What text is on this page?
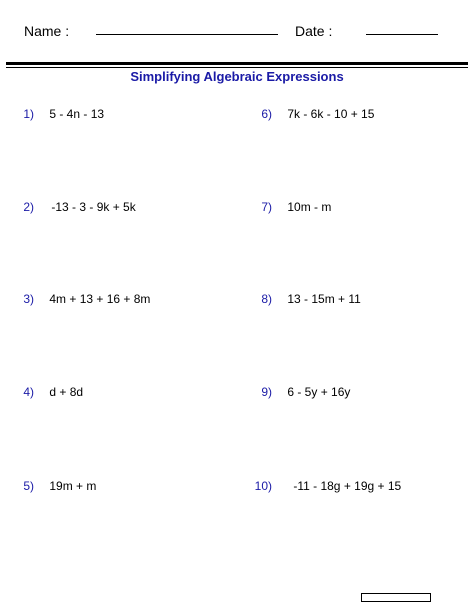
Name :	Date :
Simplifying Algebraic Expressions
1) 5 - 4n - 13
2) -13 - 3 - 9k + 5k
3) 4m + 13 + 16 + 8m
4) d + 8d
5) 19m + m
6) 7k - 6k - 10 + 15
7) 10m - m
8) 13 - 15m + 11
9) 6 - 5y + 16y
10) -11 - 18g + 19g + 15
